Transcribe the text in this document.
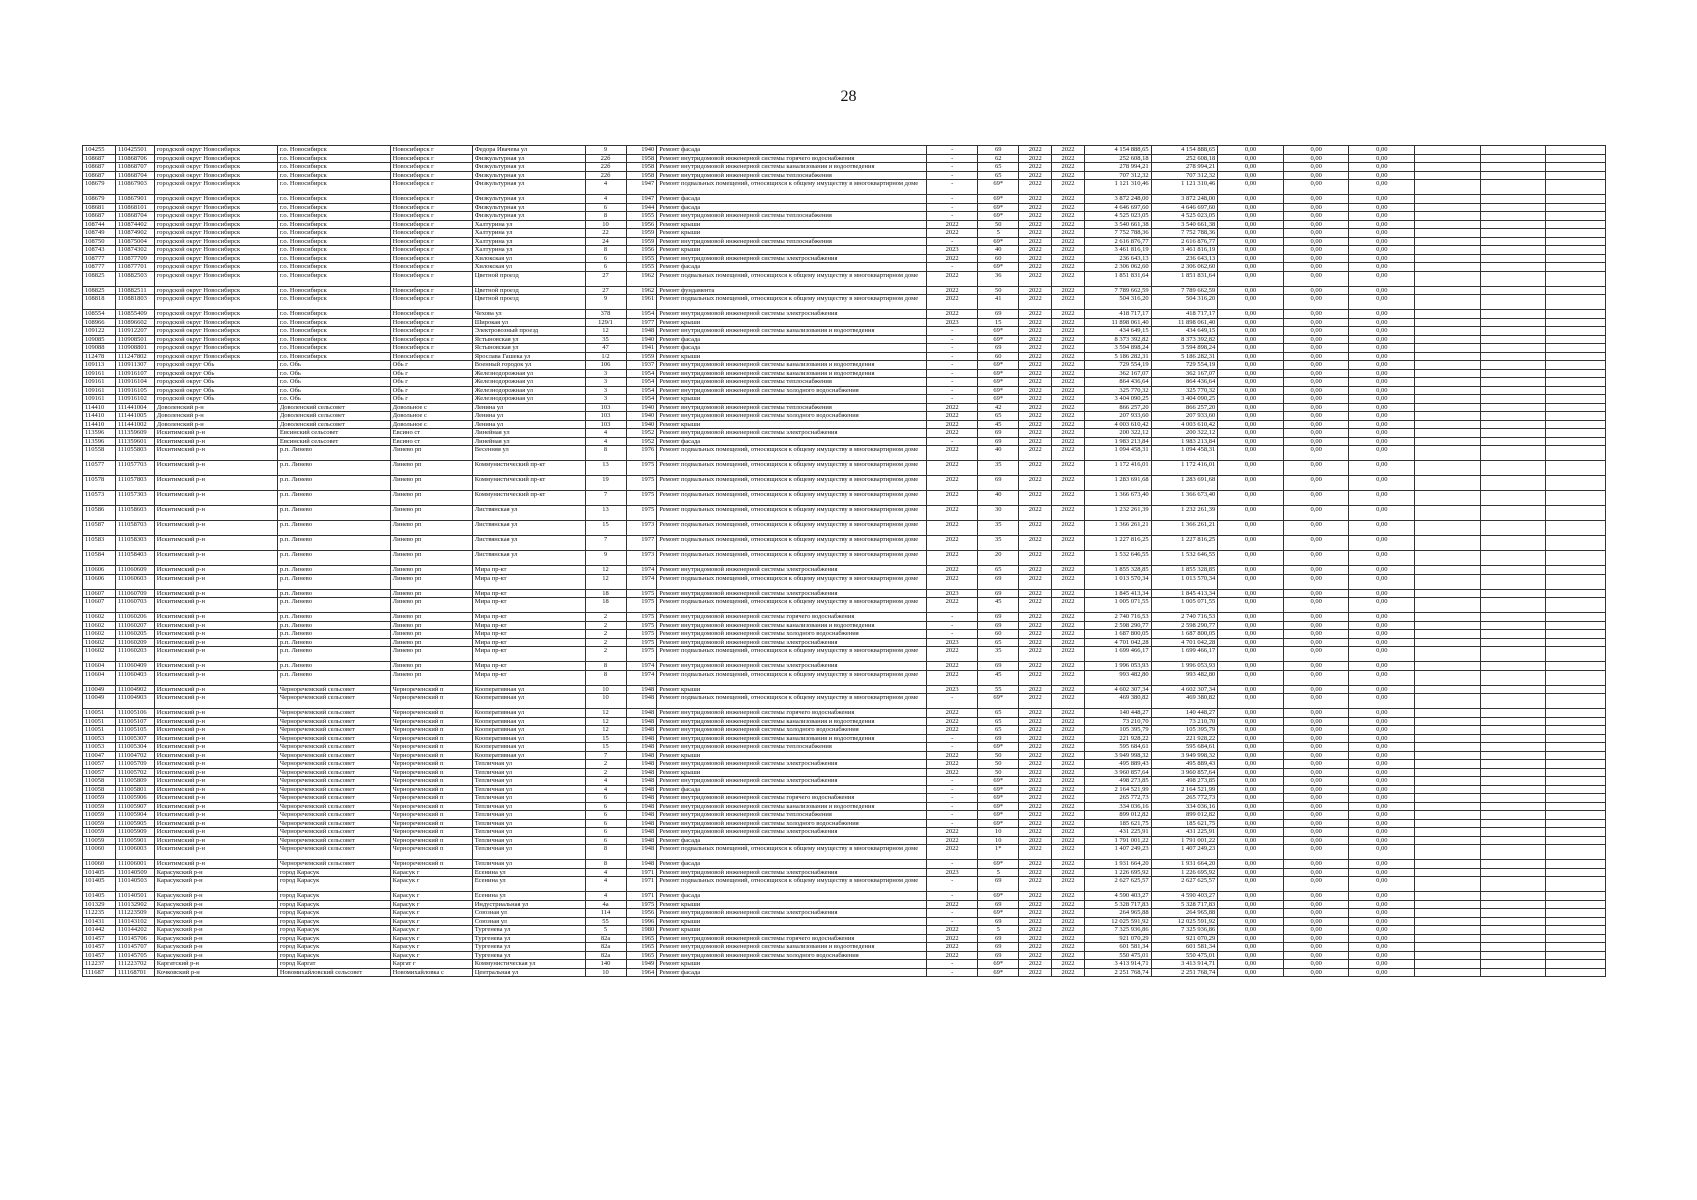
28
104255	110425501	городской округ Новосибирск	г.о. Новосибирск	Новосибирск г	Федора Ивачева ул	9	1940	Ремонт фасада	-	69	2022	2022	4 154 888,65	4 154 888,65	0,00	0,00	0,00			
108687	110868706	городской округ Новосибирск	г.о. Новосибирск	Новосибирск г	Физкультурная ул	22б	1958	Ремонт внутридомовой инженерной системы горячего водоснабжения	-	62	2022	2022	252 608,18	252 608,18	0,00	0,00	0,00			
108687	110868707	городской округ Новосибирск	г.о. Новосибирск	Новосибирск г	Физкультурная ул	22б	1958	Ремонт внутридомовой инженерной системы канализования и водоотведения	-	65	2022	2022	278 994,21	278 994,21	0,00	0,00	0,00			
108687	110868704	городской округ Новосибирск	г.о. Новосибирск	Новосибирск г	Физкультурная ул	22б	1958	Ремонт внутридомовой инженерной системы теплоснабжения	-	65	2022	2022	707 312,32	707 312,32	0,00	0,00	0,00			
108679	110867903	городской округ Новосибирск	г.о. Новосибирск	Новосибирск г	Физкультурная ул	4	1947	Ремонт подвальных помещений, относящихся к общему имуществу в многоквартирном доме	-	69*	2022	2022	1 121 310,46	1 121 310,46	0,00	0,00	0,00			
108679	110867901	городской округ Новосибирск	г.о. Новосибирск	Новосибирск г	Физкультурная ул	4	1947	Ремонт фасада	-	69*	2022	2022	3 872 248,00	3 872 248,00	0,00	0,00	0,00			
108681	110868101	городской округ Новосибирск	г.о. Новосибирск	Новосибирск г	Физкультурная ул	6	1944	Ремонт фасада	-	69*	2022	2022	4 646 697,60	4 646 697,60	0,00	0,00	0,00			
108687	110868704	городской округ Новосибирск	г.о. Новосибирск	Новосибирск г	Физкультурная ул	8	1955	Ремонт внутридомовой инженерной системы теплоснабжения	-	69*	2022	2022	4 525 023,05	4 525 023,05	0,00	0,00	0,00			
108744	110874402	городской округ Новосибирск	г.о. Новосибирск	Новосибирск г	Халтурина ул	10	1956	Ремонт крыши	2022	50	2022	2022	3 540 661,38	3 540 661,38	0,00	0,00	0,00			
108749	110874902	городской округ Новосибирск	г.о. Новосибирск	Новосибирск г	Халтурина ул	22	1959	Ремонт крыши	2022	5	2022	2022	7 752 788,36	7 752 788,36	0,00	0,00	0,00			
108750	110875004	городской округ Новосибирск	г.о. Новосибирск	Новосибирск г	Халтурина ул	24	1959	Ремонт внутридомовой инженерной системы теплоснабжения	-	69*	2022	2022	2 616 876,77	2 616 876,77	0,00	0,00	0,00			
108743	110874302	городской округ Новосибирск	г.о. Новосибирск	Новосибирск г	Халтурина ул	8	1956	Ремонт крыши	2023	40	2022	2022	3 461 816,19	3 461 816,19	0,00	0,00	0,00			
108777	110877709	городской округ Новосибирск	г.о. Новосибирск	Новосибирск г	Хилокская ул	6	1955	Ремонт внутридомовой инженерной системы электроснабжения	2022	60	2022	2022	236 643,13	236 643,13	0,00	0,00	0,00			
108777	110877701	городской округ Новосибирск	г.о. Новосибирск	Новосибирск г	Хилокская ул	6	1955	Ремонт фасада	-	69*	2022	2022	2 306 062,60	2 306 062,60	0,00	0,00	0,00			
108825	110882503	городской округ Новосибирск	г.о. Новосибирск	Новосибирск г	Цветной проезд	27	1962	Ремонт подвальных помещений, относящихся к общему имуществу в многоквартирном доме	2022	36	2022	2022	1 851 831,64	1 851 831,64	0,00	0,00	0,00			
108825	110882511	городской округ Новосибирск	г.о. Новосибирск	Новосибирск г	Цветной проезд	27	1962	Ремонт фундамента	2022	50	2022	2022	7 789 662,59	7 789 662,59	0,00	0,00	0,00			
108818	110881803	городской округ Новосибирск	г.о. Новосибирск	Новосибирск г	Цветной проезд	9	1961	Ремонт подвальных помещений, относящихся к общему имуществу в многоквартирном доме	2022	41	2022	2022	504 316,20	504 316,20	0,00	0,00	0,00			
108554	110855409	городской округ Новосибирск	г.о. Новосибирск	Новосибирск г	Чехова ул	378	1954	Ремонт внутридомовой инженерной системы электроснабжения	2022	69	2022	2022	418 717,17	418 717,17	0,00	0,00	0,00			
108966	110896602	городской округ Новосибирск	г.о. Новосибирск	Новосибирск г	Широкая ул	129/1	1977	Ремонт крыши	2023	15	2022	2022	11 898 061,40	11 898 061,40	0,00	0,00	0,00			
109122	110912207	городской округ Новосибирск	г.о. Новосибирск	Новосибирск г	Электровозный проезд	12	1948	Ремонт внутридомовой инженерной системы канализования и водоотведения	-	69*	2022	2022	434 649,15	434 649,15	0,00	0,00	0,00			
109085	110908501	городской округ Новосибирск	г.о. Новосибирск	Новосибирск г	Ястыновская ул	35	1940	Ремонт фасада	-	69*	2022	2022	8 373 392,82	8 373 392,82	0,00	0,00	0,00			
109088	110908801	городской округ Новосибирск	г.о. Новосибирск	Новосибирск г	Ястыновская ул	47	1941	Ремонт фасада	-	69	2022	2022	3 594 898,24	3 594 898,24	0,00	0,00	0,00			
112478	111247802	городской округ Новосибирск	г.о. Новосибирск	Новосибирск г	Ярослава Гашека ул	1/2	1959	Ремонт крыши	-	60	2022	2022	5 186 282,31	5 186 282,31	0,00	0,00	0,00			
109113	110911307	городской округ Обь	г.о. Обь	Обь г	Военный городок ул	106	1937	Ремонт внутридомовой инженерной системы канализования и водоотведения	-	69*	2022	2022	729 554,19	729 554,19	0,00	0,00	0,00			
109161	110916107	городской округ Обь	г.о. Обь	Обь г	Железнодорожная ул	3	1954	Ремонт внутридомовой инженерной системы канализования и водоотведения	-	69*	2022	2022	362 167,07	362 167,07	0,00	0,00	0,00			
109161	110916104	городской округ Обь	г.о. Обь	Обь г	Железнодорожная ул	3	1954	Ремонт внутридомовой инженерной системы теплоснабжения	-	69*	2022	2022	864 436,64	864 436,64	0,00	0,00	0,00			
109161	110916105	городской округ Обь	г.о. Обь	Обь г	Железнодорожная ул	3	1954	Ремонт внутридомовой инженерной системы холодного водоснабжения	-	69*	2022	2022	325 770,32	325 770,32	0,00	0,00	0,00			
109161	110916102	городской округ Обь	г.о. Обь	Обь г	Железнодорожная ул	3	1954	Ремонт крыши	-	69*	2022	2022	3 404 090,25	3 404 090,25	0,00	0,00	0,00			
114410	111441004	Доволенский р-н	Доволенский сельсовет	Довольное с	Ленина ул	103	1940	Ремонт внутридомовой инженерной системы теплоснабжения	2022	42	2022	2022	866 257,20	866 257,20	0,00	0,00	0,00			
114410	111441005	Доволенский р-н	Доволенский сельсовет	Довольное с	Ленина ул	103	1940	Ремонт внутридомовой инженерной системы холодного водоснабжения	2022	65	2022	2022	207 933,60	207 933,60	0,00	0,00	0,00			
114410	111441002	Доволенский р-н	Доволенский сельсовет	Довольное с	Ленина ул	103	1940	Ремонт крыши	2022	45	2022	2022	4 003 610,42	4 003 610,42	0,00	0,00	0,00			
113596	111359609	Искитимский р-н	Евсинский сельсовет	Евсино ст	Линейная ул	4	1952	Ремонт внутридомовой инженерной системы электроснабжения	2022	69	2022	2022	200 322,12	200 322,12	0,00	0,00	0,00			
113596	111359601	Искитимский р-н	Евсинский сельсовет	Евсино ст	Линейная ул	4	1952	Ремонт фасада	-	69	2022	2022	1 983 213,84	1 983 213,84	0,00	0,00	0,00			
110558	111055803	Искитимский р-н	р.п. Линево	Линево рп	Весенняя ул	8	1976	Ремонт подвальных помещений, относящихся к общему имуществу в многоквартирном доме	2022	40	2022	2022	1 094 458,31	1 094 458,31	0,00	0,00	0,00			
110577	111057703	Искитимский р-н	р.п. Линево	Линево рп	Коммунистический пр-кт	13	1975	Ремонт подвальных помещений, относящихся к общему имуществу в многоквартирном доме	2022	35	2022	2022	1 172 416,01	1 172 416,01	0,00	0,00	0,00			
110578	111057803	Искитимский р-н	р.п. Линево	Линево рп	Коммунистический пр-кт	19	1975	Ремонт подвальных помещений, относящихся к общему имуществу в многоквартирном доме	2022	69	2022	2022	1 283 691,68	1 283 691,68	0,00	0,00	0,00			
110573	111057303	Искитимский р-н	р.п. Линево	Линево рп	Коммунистический пр-кт	7	1975	Ремонт подвальных помещений, относящихся к общему имуществу в многоквартирном доме	2022	40	2022	2022	1 366 673,40	1 366 673,40	0,00	0,00	0,00			
110586	111058603	Искитимский р-н	р.п. Линево	Линево рп	Листвянская ул	13	1975	Ремонт подвальных помещений, относящихся к общему имуществу в многоквартирном доме	2022	30	2022	2022	1 232 261,39	1 232 261,39	0,00	0,00	0,00			
110587	111058703	Искитимский р-н	р.п. Линево	Линево рп	Листвянская ул	15	1973	Ремонт подвальных помещений, относящихся к общему имуществу в многоквартирном доме	2022	35	2022	2022	1 366 261,21	1 366 261,21	0,00	0,00	0,00			
110583	111058303	Искитимский р-н	р.п. Линево	Линево рп	Листвянская ул	7	1977	Ремонт подвальных помещений, относящихся к общему имуществу в многоквартирном доме	2022	35	2022	2022	1 227 816,25	1 227 816,25	0,00	0,00	0,00			
110584	111058403	Искитимский р-н	р.п. Линево	Линево рп	Листвянская ул	9	1973	Ремонт подвальных помещений, относящихся к общему имуществу в многоквартирном доме	2022	20	2022	2022	1 532 646,55	1 532 646,55	0,00	0,00	0,00			
110606	111060609	Искитимский р-н	р.п. Линево	Линево рп	Мира пр-кт	12	1974	Ремонт внутридомовой инженерной системы электроснабжения	2022	65	2022	2022	1 855 328,85	1 855 328,85	0,00	0,00	0,00			
110606	111060603	Искитимский р-н	р.п. Линево	Линево рп	Мира пр-кт	12	1974	Ремонт подвальных помещений, относящихся к общему имуществу в многоквартирном доме	2022	69	2022	2022	1 013 570,34	1 013 570,34	0,00	0,00	0,00			
110607	111060709	Искитимский р-н	р.п. Линево	Линево рп	Мира пр-кт	18	1975	Ремонт внутридомовой инженерной системы электроснабжения	2023	69	2022	2022	1 845 413,34	1 845 413,34	0,00	0,00	0,00			
110607	111060703	Искитимский р-н	р.п. Линево	Линево рп	Мира пр-кт	18	1975	Ремонт подвальных помещений, относящихся к общему имуществу в многоквартирном доме	2022	45	2022	2022	1 005 071,55	1 005 071,55	0,00	0,00	0,00			
110602	111060206	Искитимский р-н	р.п. Линево	Линево рп	Мира пр-кт	2	1975	Ремонт внутридомовой инженерной системы горячего водоснабжения	-	69	2022	2022	2 740 716,53	2 740 716,53	0,00	0,00	0,00			
110602	111060207	Искитимский р-н	р.п. Линево	Линево рп	Мира пр-кт	2	1975	Ремонт внутридомовой инженерной системы канализования и водоотведения	-	69	2022	2022	2 598 290,77	2 598 290,77	0,00	0,00	0,00			
110602	111060205	Искитимский р-н	р.п. Линево	Линево рп	Мира пр-кт	2	1975	Ремонт внутридомовой инженерной системы холодного водоснабжения	-	60	2022	2022	1 687 800,05	1 687 800,05	0,00	0,00	0,00			
110602	111060209	Искитимский р-н	р.п. Линево	Линево рп	Мира пр-кт	2	1975	Ремонт внутридомовой инженерной системы электроснабжения	2023	65	2022	2022	4 701 042,28	4 701 042,28	0,00	0,00	0,00			
110602	111060203	Искитимский р-н	р.п. Линево	Линево рп	Мира пр-кт	2	1975	Ремонт подвальных помещений, относящихся к общему имуществу в многоквартирном доме	2022	35	2022	2022	1 699 466,17	1 699 466,17	0,00	0,00	0,00			
110604	111060409	Искитимский р-н	р.п. Линево	Линево рп	Мира пр-кт	8	1974	Ремонт внутридомовой инженерной системы электроснабжения	2022	69	2022	2022	1 996 053,93	1 996 053,93	0,00	0,00	0,00			
110604	111060403	Искитимский р-н	р.п. Линево	Линево рп	Мира пр-кт	8	1974	Ремонт подвальных помещений, относящихся к общему имуществу в многоквартирном доме	2022	45	2022	2022	993 482,80	993 482,80	0,00	0,00	0,00			
110049	111004902	Искитимский р-н	Черноречемский сельсовет	Чернореченский п	Кооперативная ул	10	1948	Ремонт крыши	2023	55	2022	2022	4 602 307,34	4 602 307,34	0,00	0,00	0,00			
110049	111004903	Искитимский р-н	Черноречемский сельсовет	Чернореченский п	Кооперативная ул	10	1948	Ремонт подвальных помещений, относящихся к общему имуществу в многоквартирном доме	-	69*	2022	2022	469 380,82	469 380,82	0,00	0,00	0,00			
110051	111005106	Искитимский р-н	Черноречемский сельсовет	Чернореченский п	Кооперативная ул	12	1948	Ремонт внутридомовой инженерной системы горячего водоснабжения	2022	65	2022	2022	140 448,27	140 448,27	0,00	0,00	0,00			
110051	111005107	Искитимский р-н	Черноречемский сельсовет	Чернореченский п	Кооперативная ул	12	1948	Ремонт внутридомовой инженерной системы канализования и водоотведения	2022	65	2022	2022	73 210,70	73 210,70	0,00	0,00	0,00			
110051	111005105	Искитимский р-н	Черноречемский сельсовет	Чернореченский п	Кооперативная ул	12	1948	Ремонт внутридомовой инженерной системы холодного водоснабжения	2022	65	2022	2022	105 395,79	105 395,79	0,00	0,00	0,00			
110053	111005307	Искитимский р-н	Черноречемский сельсовет	Чернореченский п	Кооперативная ул	15	1948	Ремонт внутридомовой инженерной системы канализования и водоотведения	-	69	2022	2022	221 928,22	221 928,22	0,00	0,00	0,00			
110053	111005304	Искитимский р-н	Черноречемский сельсовет	Чернореченский п	Кооперативная ул	15	1948	Ремонт внутридомовой инженерной системы теплоснабжения	-	69*	2022	2022	595 684,61	595 684,61	0,00	0,00	0,00			
110047	111004702	Искитимский р-н	Черноречемский сельсовет	Чернореченский п	Кооперативная ул	7	1948	Ремонт крыши	2022	50	2022	2022	3 949 998,32	3 949 998,32	0,00	0,00	0,00			
110057	111005709	Искитимский р-н	Черноречемский сельсовет	Чернореченский п	Тепличная ул	2	1948	Ремонт внутридомовой инженерной системы электроснабжения	2022	50	2022	2022	495 889,43	495 889,43	0,00	0,00	0,00			
110057	111005702	Искитимский р-н	Черноречемский сельсовет	Чернореченский п	Тепличная ул	2	1948	Ремонт крыши	2022	50	2022	2022	3 960 857,64	3 960 857,64	0,00	0,00	0,00			
110058	111005809	Искитимский р-н	Черноречемский сельсовет	Чернореченский п	Тепличная ул	4	1948	Ремонт внутридомовой инженерной системы электроснабжения	-	69*	2022	2022	498 273,85	498 273,85	0,00	0,00	0,00			
110058	111005801	Искитимский р-н	Черноречемский сельсовет	Чернореченский п	Тепличная ул	4	1948	Ремонт фасада	-	69*	2022	2022	2 164 521,99	2 164 521,99	0,00	0,00	0,00			
110059	111005906	Искитимский р-н	Черноречемский сельсовет	Чернореченский п	Тепличная ул	6	1948	Ремонт внутридомовой инженерной системы горячего водоснабжения	-	69*	2022	2022	265 772,73	265 772,73	0,00	0,00	0,00			
110059	111005907	Искитимский р-н	Черноречемский сельсовет	Чернореченский п	Тепличная ул	6	1948	Ремонт внутридомовой инженерной системы канализования и водоотведения	-	69*	2022	2022	334 036,16	334 036,16	0,00	0,00	0,00			
110059	111005904	Искитимский р-н	Черноречемский сельсовет	Чернореченский п	Тепличная ул	6	1948	Ремонт внутридомовой инженерной системы теплоснабжения	-	69*	2022	2022	899 012,82	899 012,82	0,00	0,00	0,00			
110059	111005905	Искитимский р-н	Черноречемский сельсовет	Чернореченский п	Тепличная ул	6	1948	Ремонт внутридомовой инженерной системы холодного водоснабжения	-	69*	2022	2022	185 621,75	185 621,75	0,00	0,00	0,00			
110059	111005909	Искитимский р-н	Черноречемский сельсовет	Чернореченский п	Тепличная ул	6	1948	Ремонт внутридомовой инженерной системы электроснабжения	2022	10	2022	2022	431 225,91	431 225,91	0,00	0,00	0,00			
110059	111005901	Искитимский р-н	Черноречемский сельсовет	Чернореченский п	Тепличная ул	6	1948	Ремонт фасада	2022	10	2022	2022	1 791 001,22	1 791 001,22	0,00	0,00	0,00			
110060	111006003	Искитимский р-н	Черноречемский сельсовет	Чернореченский п	Тепличная ул	8	1948	Ремонт подвальных помещений, относящихся к общему имуществу в многоквартирном доме	2022	1*	2022	2022	1 407 249,23	1 407 249,23	0,00	0,00	0,00			
110060	111006001	Искитимский р-н	Черноречемский сельсовет	Чернореченский п	Тепличная ул	8	1948	Ремонт фасада	-	69*	2022	2022	1 931 664,20	1 931 664,20	0,00	0,00	0,00			
101405	110140509	Карасукский р-н	город Карасук	Карасук г	Есенина ул	4	1971	Ремонт внутридомовой инженерной системы электроснабжения	2023	5	2022	2022	1 226 695,92	1 226 695,92	0,00	0,00	0,00			
101405	110140503	Карасукский р-н	город Карасук	Карасук г	Есенина ул	4	1971	Ремонт подвальных помещений, относящихся к общему имуществу в многоквартирном доме	-	69	2022	2022	2 627 625,57	2 627 625,57	0,00	0,00	0,00			
101405	110140501	Карасукский р-н	город Карасук	Карасук г	Есенина ул	4	1971	Ремонт фасада	-	69*	2022	2022	4 590 403,27	4 590 403,27	0,00	0,00	0,00			
101329	110132902	Карасукский р-н	город Карасук	Карасук г	Индустриальная ул	4а	1975	Ремонт крыши	2022	69	2022	2022	5 328 717,83	5 328 717,83	0,00	0,00	0,00			
112235	111223509	Карасукский р-н	город Карасук	Карасук г	Союзная ул	114	1956	Ремонт внутридомовой инженерной системы электроснабжения	-	69*	2022	2022	264 965,88	264 965,88	0,00	0,00	0,00			
101431	110143102	Карасукский р-н	город Карасук	Карасук г	Союзная ул	55	1996	Ремонт крыши	-	69	2022	2022	12 025 591,92	12 025 591,92	0,00	0,00	0,00			
101442	110144202	Карасукский р-н	город Карасук	Карасук г	Тургенева ул	5	1980	Ремонт крыши	2022	5	2022	2022	7 325 936,86	7 325 936,86	0,00	0,00	0,00			
101457	110145706	Карасукский р-н	город Карасук	Карасук г	Тургенева ул	82а	1965	Ремонт внутридомовой инженерной системы горячего водоснабжения	2022	69	2022	2022	921 070,29	921 070,29	0,00	0,00	0,00			
101457	110145707	Карасукский р-н	город Карасук	Карасук г	Тургенева ул	82а	1965	Ремонт внутридомовой инженерной системы канализования и водоотведения	2022	69	2022	2022	601 581,34	601 581,34	0,00	0,00	0,00			
101457	110145705	Карасукский р-н	город Карасук	Карасук г	Тургенева ул	82а	1965	Ремонт внутридомовой инженерной системы холодного водоснабжения	2022	69	2022	2022	550 475,01	550 475,01	0,00	0,00	0,00			
112237	111223702	Каргатский р-н	город Каргат	Каргат г	Коммунистическая ул	140	1949	Ремонт крыши	-	69*	2022	2022	3 413 914,71	3 413 914,71	0,00	0,00	0,00			
111687	111168701	Кочковский р-н	Новомихайловский сельсовет	Новомихайловка с	Центральная ул	10	1964	Ремонт фасада	-	69*	2022	2022	2 251 768,74	2 251 768,74	0,00	0,00	0,00			
